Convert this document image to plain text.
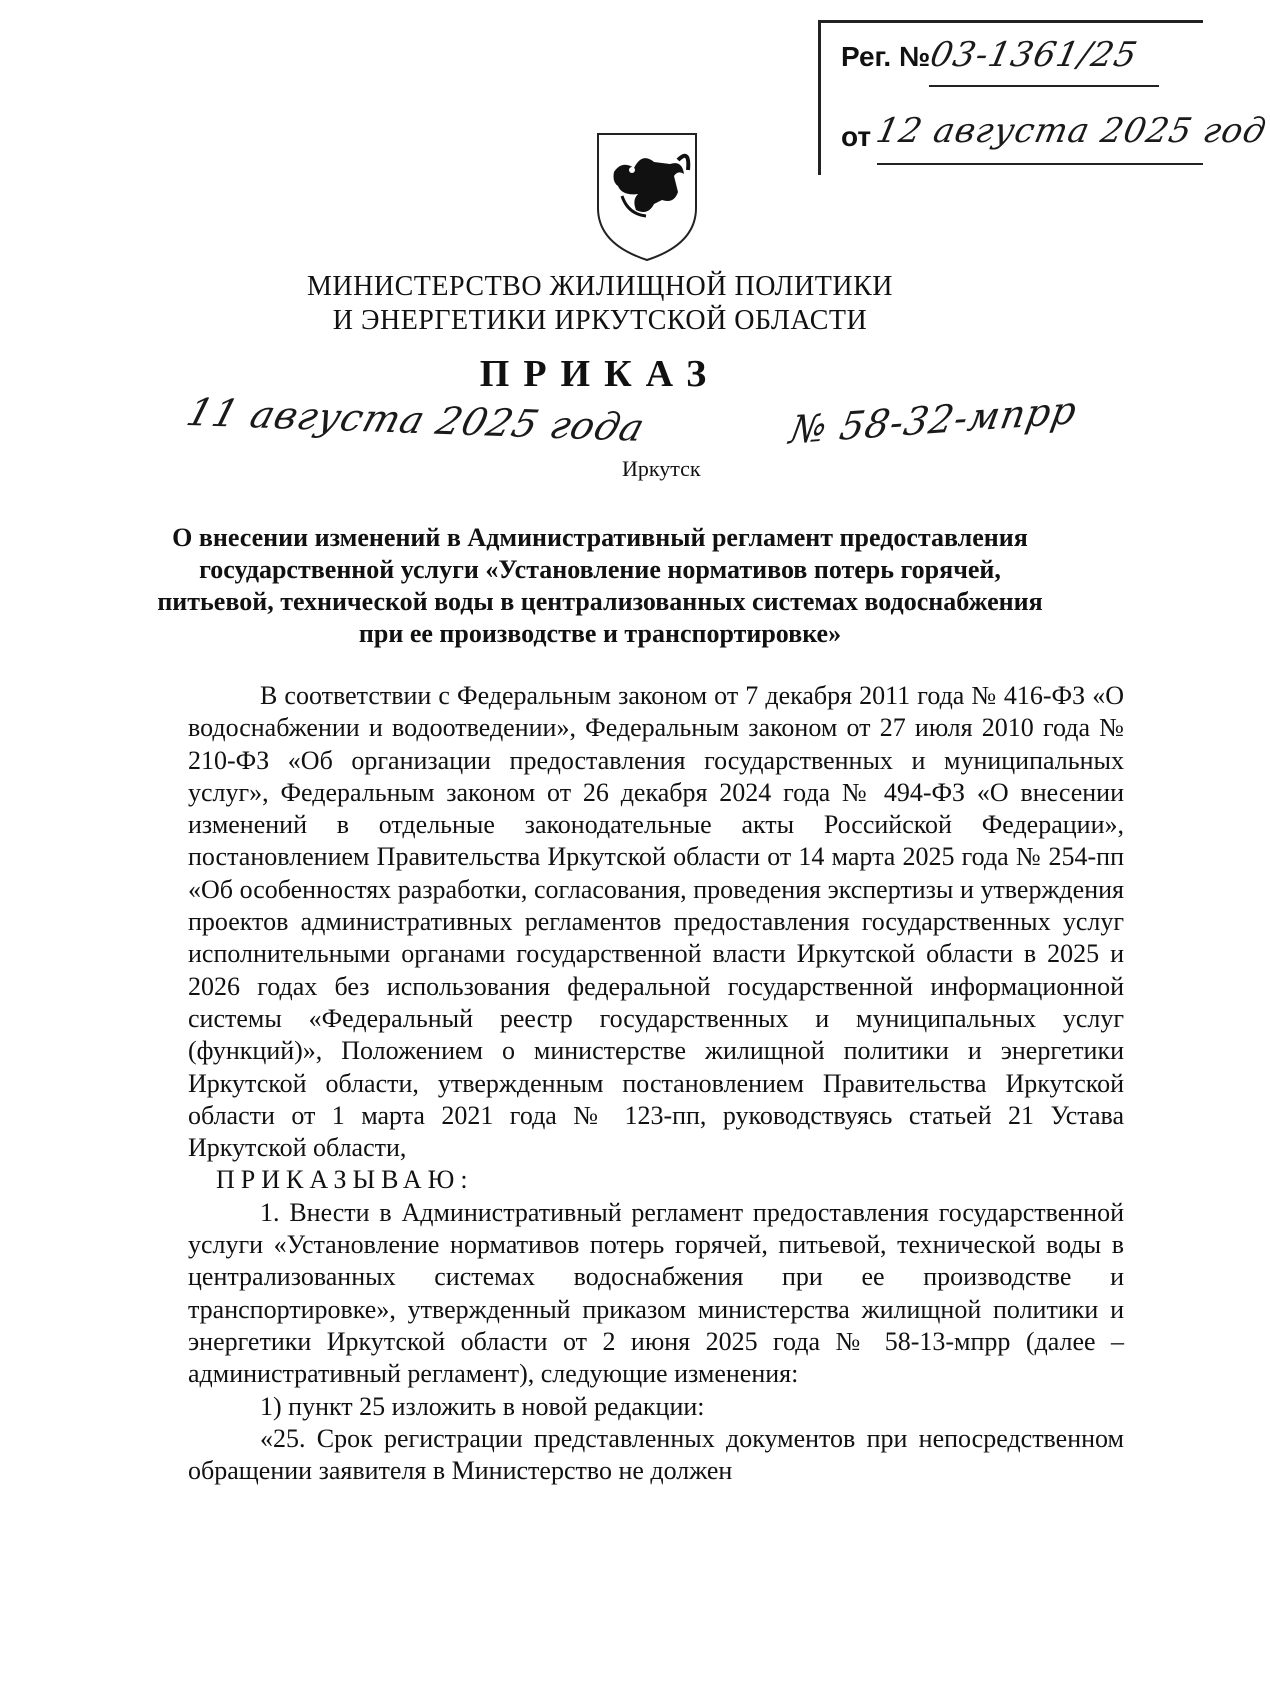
Рег. №
03-1361/25
от 12 августа 2025 год
МИНИСТЕРСТВО ЖИЛИЩНОЙ ПОЛИТИКИ
И ЭНЕРГЕТИКИ ИРКУТСКОЙ ОБЛАСТИ
ПРИКАЗ
11 августа 2025 года	№ 58-32-мпрр
Иркутск
О внесении изменений в Административный регламент предоставления государственной услуги «Установление нормативов потерь горячей, питьевой, технической воды в централизованных системах водоснабжения при ее производстве и транспортировке»

В соответствии с Федеральным законом от 7 декабря 2011 года № 416-ФЗ «О водоснабжении и водоотведении», Федеральным законом от 27 июля 2010 года № 210-ФЗ «Об организации предоставления государственных и муниципальных услуг», Федеральным законом от 26 декабря 2024 года № 494-ФЗ «О внесении изменений в отдельные законодательные акты Российской Федерации», постановлением Правительства Иркутской области от 14 марта 2025 года № 254-пп «Об особенностях разработки, согласования, проведения экспертизы и утверждения проектов административных регламентов предоставления государственных услуг исполнительными органами государственной власти Иркутской области в 2025 и 2026 годах без использования федеральной государственной информационной системы «Федеральный реестр государственных и муниципальных услуг (функций)», Положением о министерстве жилищной политики и энергетики Иркутской области, утвержденным постановлением Правительства Иркутской области от 1 марта 2021 года № 123-пп, руководствуясь статьей 21 Устава Иркутской области,

ПРИКАЗЫВАЮ:

1. Внести в Административный регламент предоставления государственной услуги «Установление нормативов потерь горячей, питьевой, технической воды в централизованных системах водоснабжения при ее производстве и транспортировке», утвержденный приказом министерства жилищной политики и энергетики Иркутской области от 2 июня 2025 года № 58-13-мпрр (далее – административный регламент), следующие изменения:

1) пункт 25 изложить в новой редакции:

«25. Срок регистрации представленных документов при непосредственном обращении заявителя в Министерство не должен
